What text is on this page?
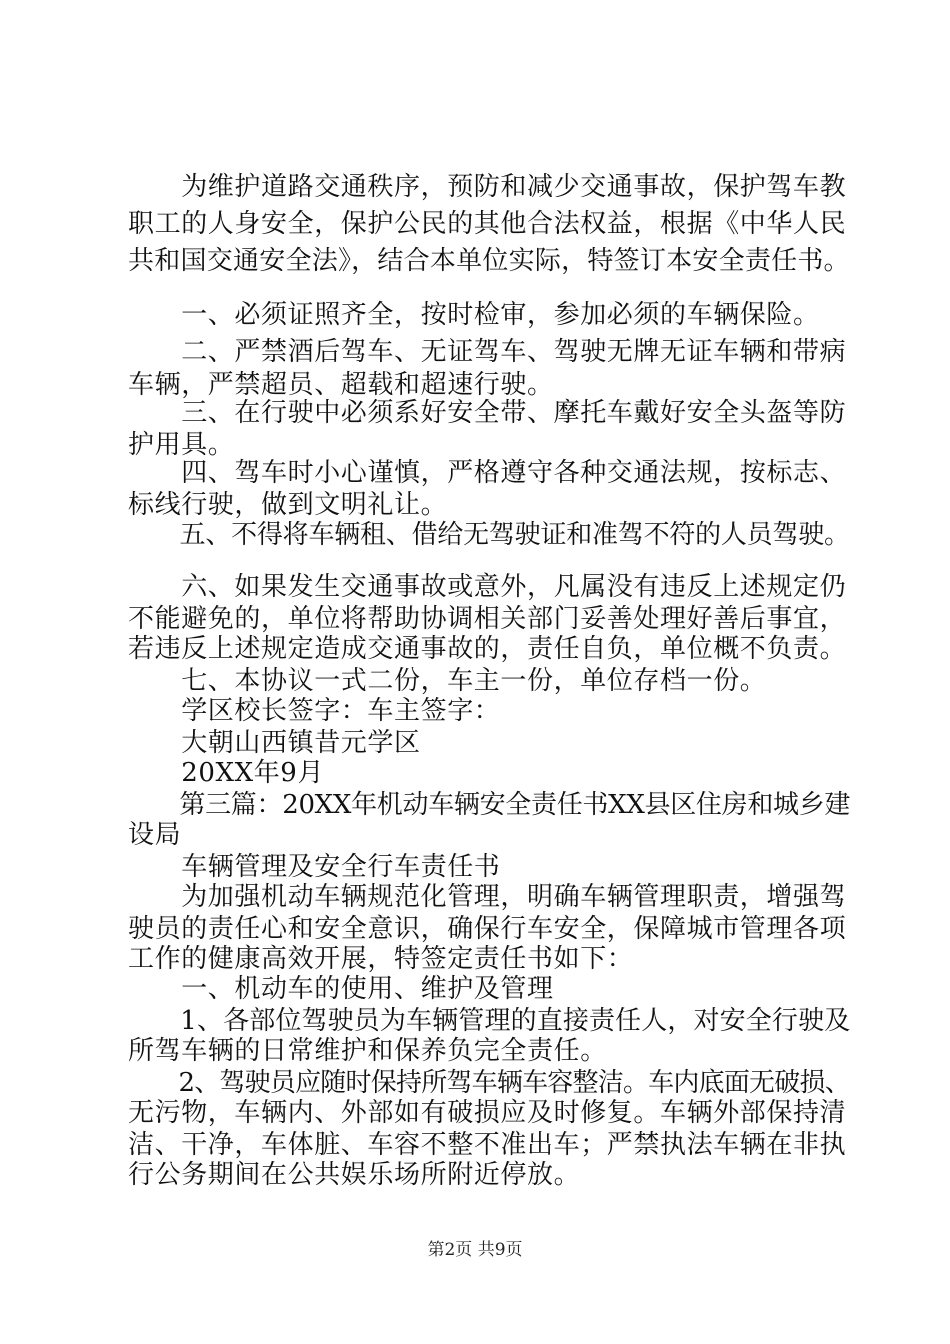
　　为维护道路交通秩序，预防和减少交通事故，保护驾车教
职工的人身安全，保护公民的其他合法权益，根据《中华人民
共和国交通安全法》，结合本单位实际，特签订本安全责任书。
　　一、必须证照齐全，按时检审，参加必须的车辆保险。
　　二、严禁酒后驾车、无证驾车、驾驶无牌无证车辆和带病
车辆，严禁超员、超载和超速行驶。
　　三、在行驶中必须系好安全带、摩托车戴好安全头盔等防
护用具。
　　四、驾车时小心谨慎，严格遵守各种交通法规，按标志、
标线行驶，做到文明礼让。
　　五、不得将车辆租、借给无驾驶证和准驾不符的人员驾驶。
　　六、如果发生交通事故或意外，凡属没有违反上述规定仍
不能避免的，单位将帮助协调相关部门妥善处理好善后事宜，
若违反上述规定造成交通事故的，责任自负，单位概不负责。
　　七、本协议一式二份，车主一份，单位存档一份。
　　学区校长签字：车主签字：
　　大朝山西镇昔元学区
　　20XX年9月
　　第三篇：20XX年机动车辆安全责任书XX县区住房和城乡建
设局
　　车辆管理及安全行车责任书
　　为加强机动车辆规范化管理，明确车辆管理职责，增强驾
驶员的责任心和安全意识，确保行车安全，保障城市管理各项
工作的健康高效开展，特签定责任书如下：
　　一、机动车的使用、维护及管理
　　1、各部位驾驶员为车辆管理的直接责任人，对安全行驶及
所驾车辆的日常维护和保养负完全责任。
　　2、驾驶员应随时保持所驾车辆车容整洁。车内底面无破损、
无污物，车辆内、外部如有破损应及时修复。车辆外部保持清
洁、干净，车体脏、车容不整不准出车；严禁执法车辆在非执
行公务期间在公共娱乐场所附近停放。
第2页 共9页
